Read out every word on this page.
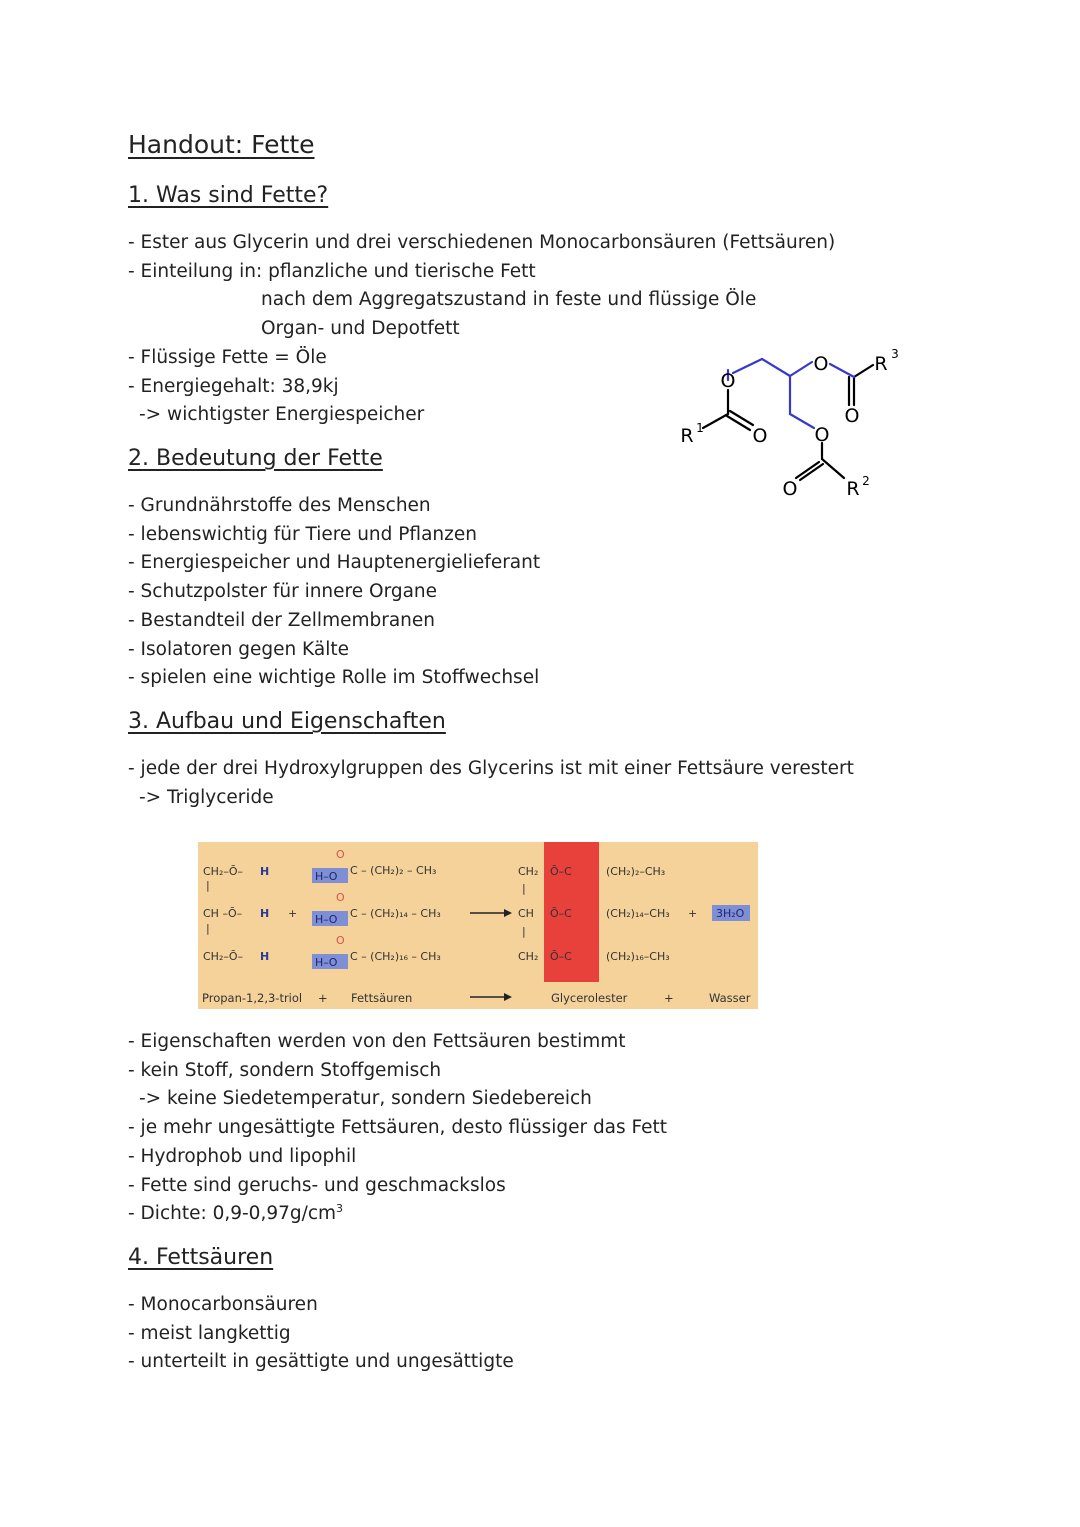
Handout: Fette
1. Was sind Fette?
- Ester aus Glycerin und drei verschiedenen Monocarbonsäuren (Fettsäuren)
- Einteilung in: pflanzliche und tierische Fett
nach dem Aggregatszustand in feste und flüssige Öle
Organ- und Depotfett
- Flüssige Fette = Öle
- Energiegehalt: 38,9kj
-> wichtigster Energiespeicher
O
O
O
O
O
O
R 1
R 2
R 3
2. Bedeutung der Fette
- Grundnährstoffe des Menschen
- lebenswichtig für Tiere und Pflanzen
- Energiespeicher und Hauptenergielieferant
- Schutzpolster für innere Organe
- Bestandteil der Zellmembranen
- Isolatoren gegen Kälte
- spielen eine wichtige Rolle im Stoffwechsel
3. Aufbau und Eigenschaften
- jede der drei Hydroxylgruppen des Glycerins ist mit einer Fettsäure verestert
-> Triglyceride
CH₂–Ō–
|
CH –Ō–
|
CH₂–Ō–
H
H
H
+
H–O
H–O
H–O
O
O
O
C – (CH₂)₂ – CH₃
C – (CH₂)₁₄ – CH₃
C – (CH₂)₁₆ – CH₃
CH₂
|
CH
|
CH₂
Ō–C
Ō–C
Ō–C
(CH₂)₂–CH₃
(CH₂)₁₄–CH₃
(CH₂)₁₆–CH₃
+ 3H₂O
Propan-1,2,3-triol + Fettsäuren	Glycerolester	+	Wasser
- Eigenschaften werden von den Fettsäuren bestimmt
- kein Stoff, sondern Stoffgemisch
-> keine Siedetemperatur, sondern Siedebereich
- je mehr ungesättigte Fettsäuren, desto flüssiger das Fett
- Hydrophob und lipophil
- Fette sind geruchs- und geschmackslos
- Dichte: $0,9-0,97g/cm^3$
4. Fettsäuren
- Monocarbonsäuren
- meist langkettig
- unterteilt in gesättigte und ungesättigte
